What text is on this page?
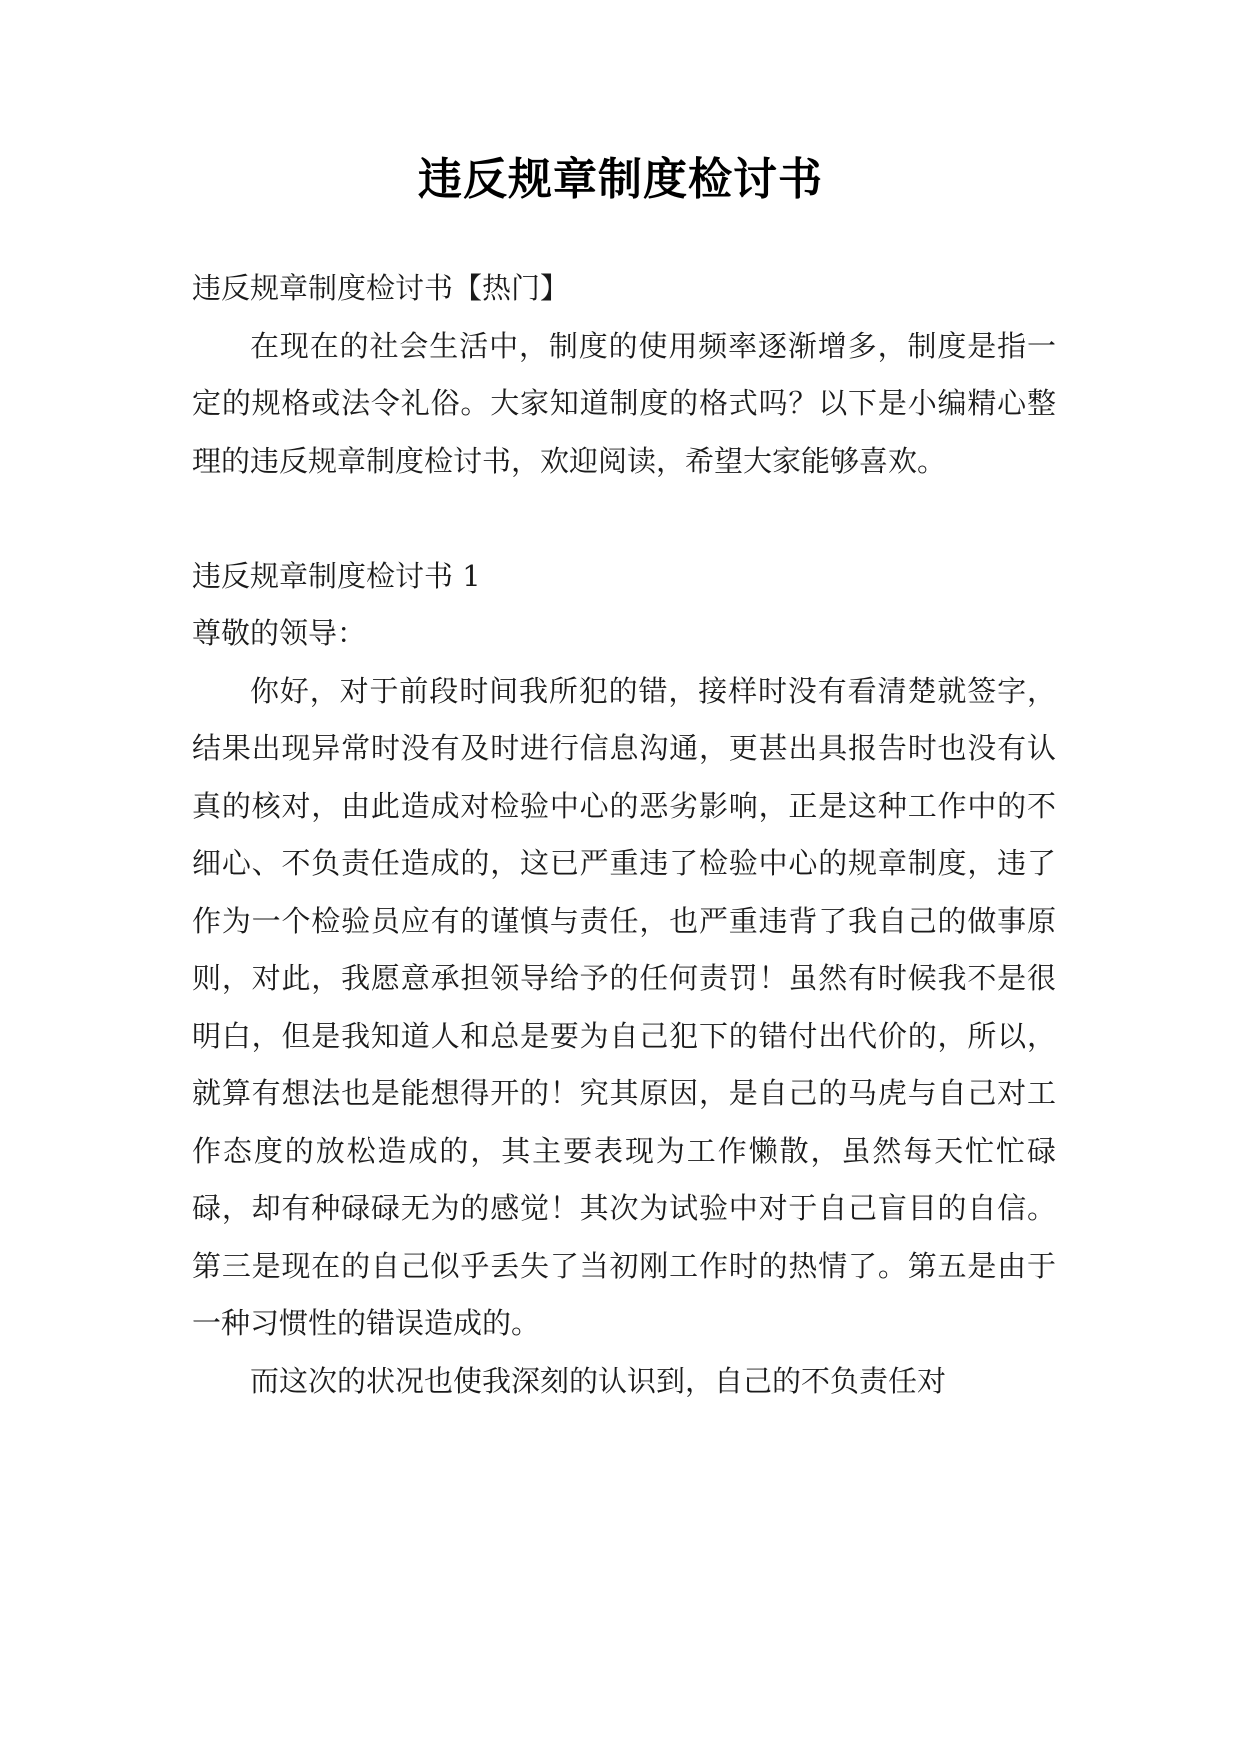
违反规章制度检讨书

违反规章制度检讨书【热门】

在现在的社会生活中，制度的使用频率逐渐增多，制度是指一定的规格或法令礼俗。大家知道制度的格式吗？以下是小编精心整理的违反规章制度检讨书，欢迎阅读，希望大家能够喜欢。

违反规章制度检讨书 1

尊敬的领导：

你好，对于前段时间我所犯的错，接样时没有看清楚就签字，结果出现异常时没有及时进行信息沟通，更甚出具报告时也没有认真的核对，由此造成对检验中心的恶劣影响，正是这种工作中的不细心、不负责任造成的，这已严重违了检验中心的规章制度，违了作为一个检验员应有的谨慎与责任，也严重违背了我自己的做事原则，对此，我愿意承担领导给予的任何责罚！虽然有时候我不是很明白，但是我知道人和总是要为自己犯下的错付出代价的，所以，就算有想法也是能想得开的！究其原因，是自己的马虎与自己对工作态度的放松造成的，其主要表现为工作懒散，虽然每天忙忙碌碌，却有种碌碌无为的感觉！其次为试验中对于自己盲目的自信。第三是现在的自己似乎丢失了当初刚工作时的热情了。第五是由于一种习惯性的错误造成的。

而这次的状况也使我深刻的认识到，自己的不负责任对
